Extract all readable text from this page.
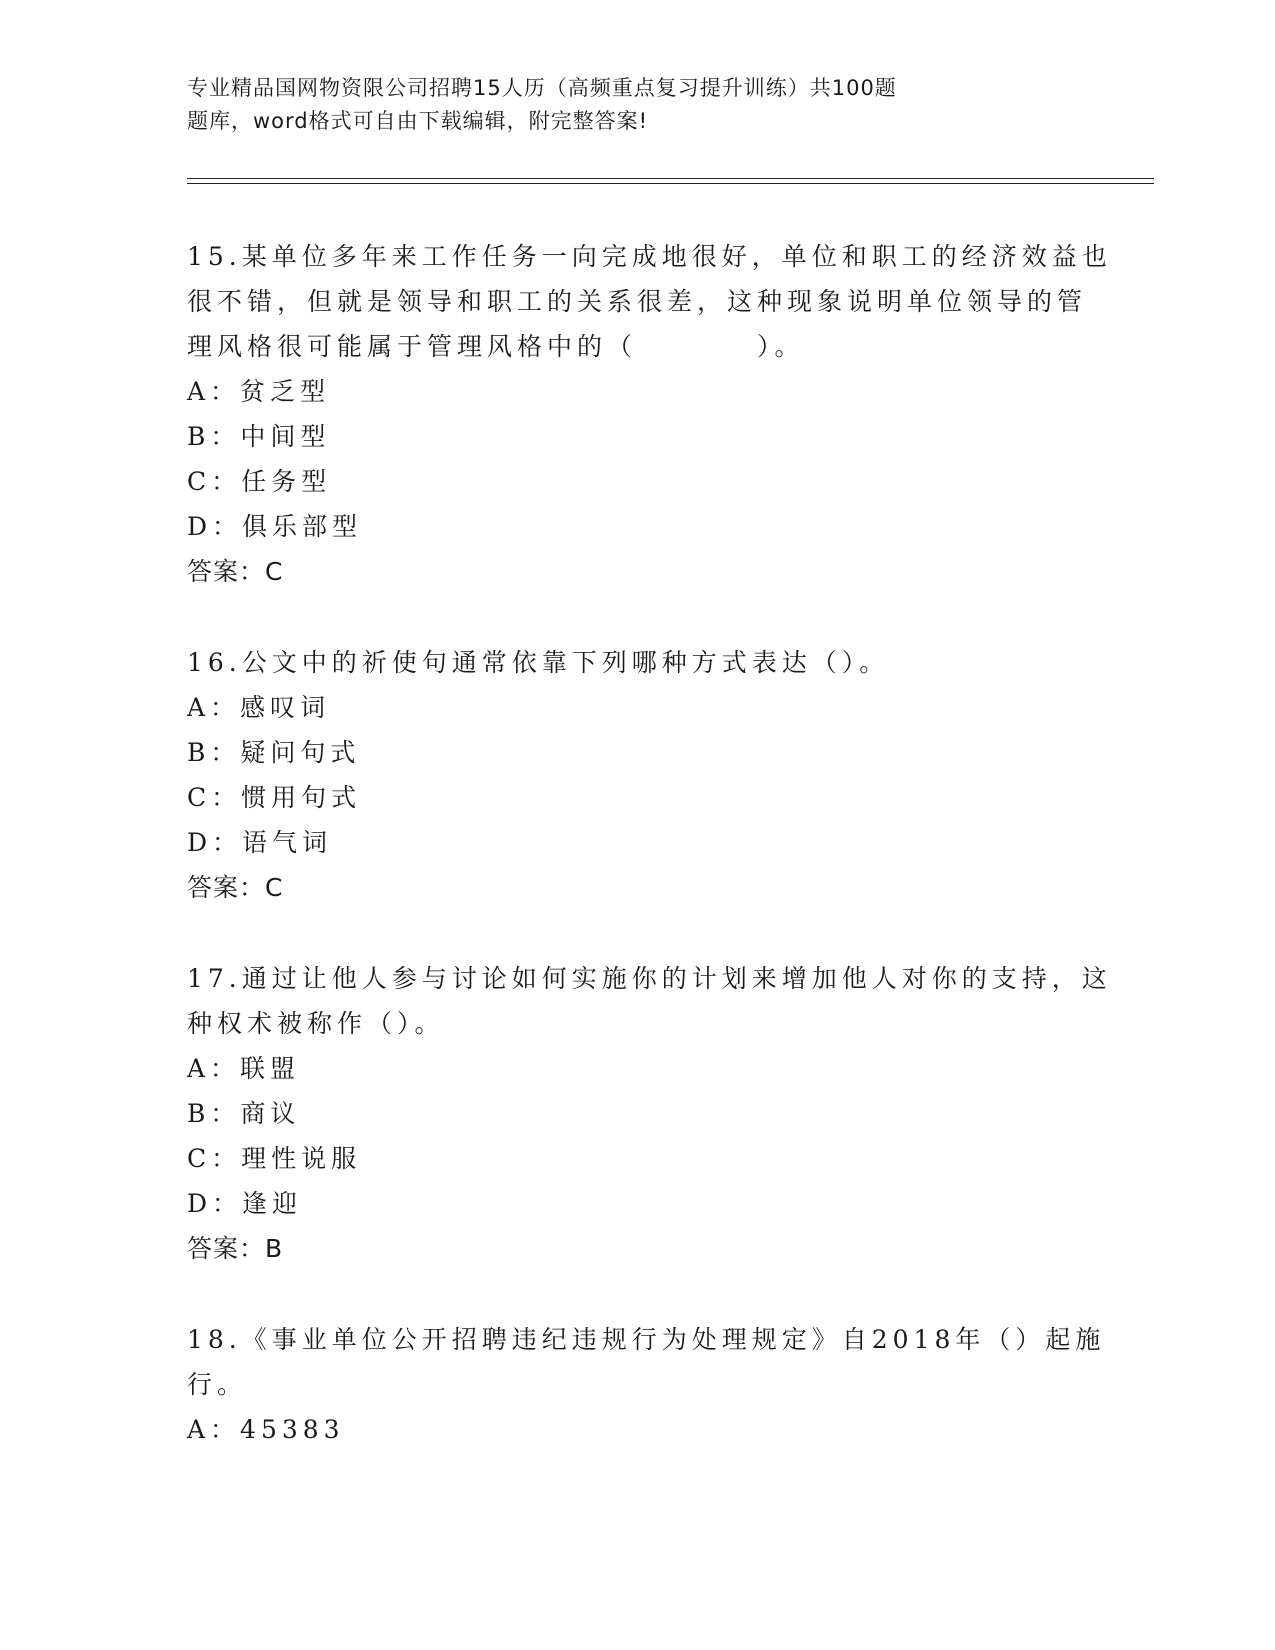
专业精品国网物资限公司招聘15人历（高频重点复习提升训练）共100题
题库，word格式可自由下载编辑，附完整答案!

15.某单位多年来工作任务一向完成地很好，单位和职工的经济效益也
很不错，但就是领导和职工的关系很差，这种现象说明单位领导的管
理风格很可能属于管理风格中的（　　　　）。

A：贫乏型

B：中间型

C：任务型

D：俱乐部型

答案：C

16.公文中的祈使句通常依靠下列哪种方式表达（）。

A：感叹词

B：疑问句式

C：惯用句式

D：语气词

答案：C

17.通过让他人参与讨论如何实施你的计划来增加他人对你的支持，这
种权术被称作（）。

A：联盟

B：商议

C：理性说服

D：逢迎

答案：B

18.《事业单位公开招聘违纪违规行为处理规定》自2018年（）起施
行。

A：45383
